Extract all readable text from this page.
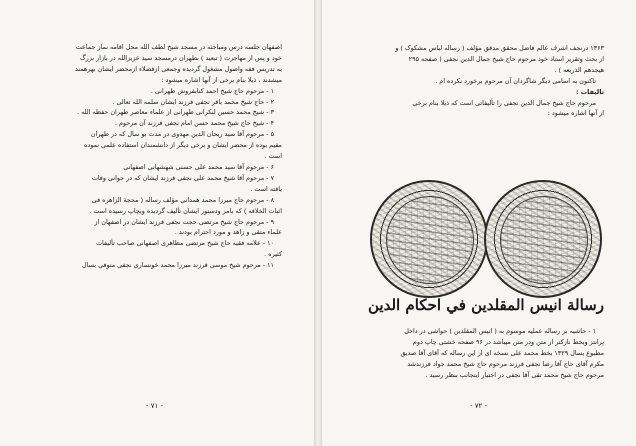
اصفهان جلسه درس ومباحثه در مسجد شیخ لطف الله محل اقامه نماز جماعت
خود و پس از مهاجرت ( تبعید ) بطهران درمسجد سید عزیزالله در بازار بزرگ
به تدریس فقه واصول مشغول گردیده وجمعی ازفضلاء ازمحضر ایشان بهرهمند
میشدند ، ذیلا بنام برخی از آنها اشاره میشود :
۱ - مرحوم حاج شیخ احمد کتابفروش طهرانی .
۲ - حاج شیخ محمد باقر نجفی فرزند ایشان سلمه الله تعالی .
۳ - شیخ محمد حسین لنکرانی طهرانی از علماء معاصر طهران حفظه الله .
۴ - شیخ حاج شیخ محمد حسن امام نجفی فرزند آن مرحوم .
۵ - مرحوم آقا سید ریحان الدین مهدوی در مدت بو سال که در طهران
مقیم بوده از محضر ایشان و برخی دیگر از دانشمندان استفاده علمی نموده
است .
۶ - مرحوم آقا سید محمد علی حسنی شهشهانی اصفهانی
۷ - مرحوم آقا شیخ محمد علی نجفی فرزند ایشان که در جوانی وفات
یافته است .
۸ - مرحوم حاج میرزا محمد همدانی مؤلف رساله ( محجة الزاهره فی
اثبات الخلافه ) که بامر ودستور ایشان تألیف گردیده وبچاپ رسیده است .
۹ - مرحوم حاج شیخ مرتضی حجت نجفی فرزند ایشان در اصفهان از
علماء متقی و زاهد و مورد احترام بودند .
۱۰ - علامه فقیه حاج شیخ مرتضی مظاهری اصفهانی صاحب تألیفات
کثیره .
۱۱ - مرحوم شیخ موسی فرزند میرزا محمد خونساری نجفی متوفی بسال
- ۷۱ -
۱۳۶۳ درنجف اشرف عالم فاضل محقق مدقق مؤلف ( رساله لباس مشکوک ) و
از بحث وتقریر استاد خود مرحوم حاج شیخ جمال الدین نجفی ( صفحه ۲۹۵
هیجدهم الذریعه ) .
تاکنون به اسامی دیگر شاگردان آن مرحوم برخورد نکرده ام .
تالیفات :
مرحوم حاج شیخ جمال الدین نجفی را تألیفاتی است که ذیلا بنام برخی
از آنها اشاره میشود :
رسالة انيس المقلدين في احكام الدين
۱ - حاشیه بر رساله عملیه موسوم به ( انیس المقلدین ) حواشی در داخل
پرانتز وبخط نازکتر از متن ودر متن میباشد در ۹۶ صفحه خشتی چاپ دوم
مطبوع بسال ۱۳۲۹ بخط محمد علی نسخه ای از این رساله که آقای آقا صدیق
مکرم آقای حاج آقا رضا نجفی فرزند مرحوم حاج شیخ محمد جواد فرزندشد
مرحوم حاج شیخ محمد تقی آقا نجفی در اختیار اینجانب بنظر رسید .
- ۷۲ -
